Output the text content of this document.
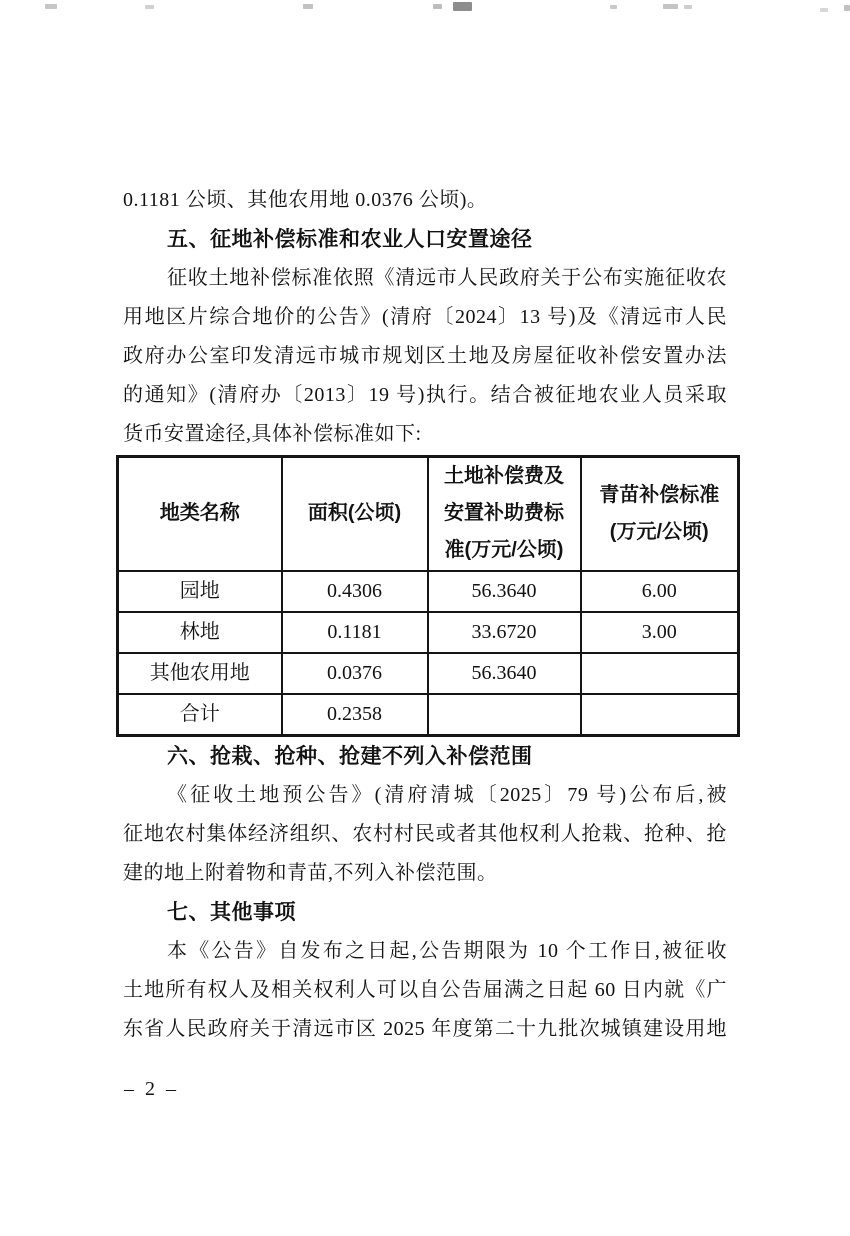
0.1181 公顷、其他农用地 0.0376 公顷)。
五、征地补偿标准和农业人口安置途径
征收土地补偿标准依照《清远市人民政府关于公布实施征收农
用地区片综合地价的公告》(清府〔2024〕13 号)及《清远市人民
政府办公室印发清远市城市规划区土地及房屋征收补偿安置办法
的通知》(清府办〔2013〕19 号)执行。结合被征地农业人员采取
货币安置途径,具体补偿标准如下:
地类名称	面积(公顷)	土地补偿费及安置补助费标准(万元/公顷)	青苗补偿标准(万元/公顷)
园地	0.4306	56.3640	6.00
林地	0.1181	33.6720	3.00
其他农用地	0.0376	56.3640	
合计	0.2358		
六、抢栽、抢种、抢建不列入补偿范围
《征收土地预公告》(清府清城〔2025〕79 号)公布后,被
征地农村集体经济组织、农村村民或者其他权利人抢栽、抢种、抢
建的地上附着物和青苗,不列入补偿范围。
七、其他事项
本《公告》自发布之日起,公告期限为 10 个工作日,被征收
土地所有权人及相关权利人可以自公告届满之日起 60 日内就《广
东省人民政府关于清远市区 2025 年度第二十九批次城镇建设用地
– 2 –
